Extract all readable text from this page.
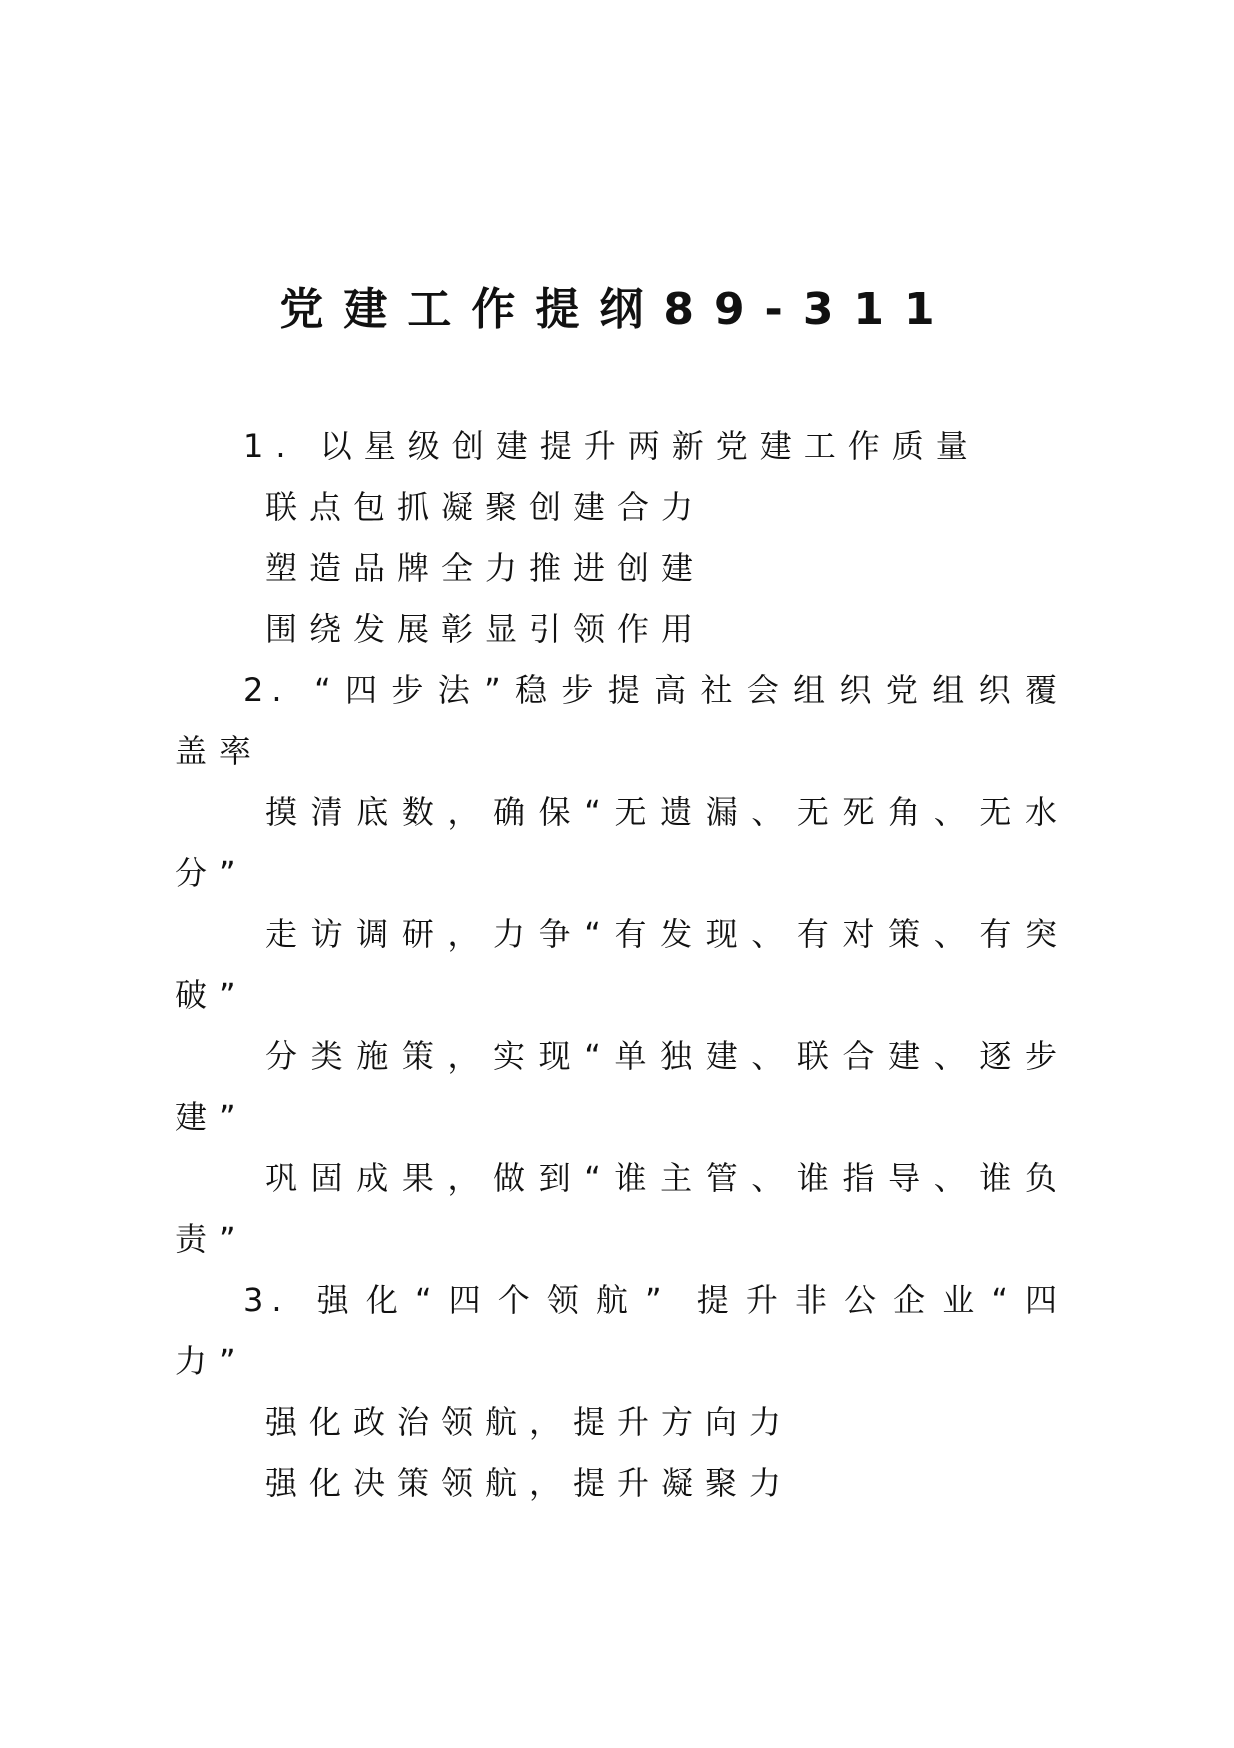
党建工作提纲89-311
1. 以星级创建提升两新党建工作质量
联点包抓凝聚创建合力
塑造品牌全力推进创建
围绕发展彰显引领作用
2. “四步法”稳步提高社会组织党组织覆
盖率
摸清底数，确保“无遗漏、无死角、无水
分”
走访调研，力争“有发现、有对策、有突
破”
分类施策，实现“单独建、联合建、逐步
建”
巩固成果，做到“谁主管、谁指导、谁负
责”
3. 强化“四个领航” 提升非公企业“四
力”
强化政治领航，提升方向力
强化决策领航，提升凝聚力
